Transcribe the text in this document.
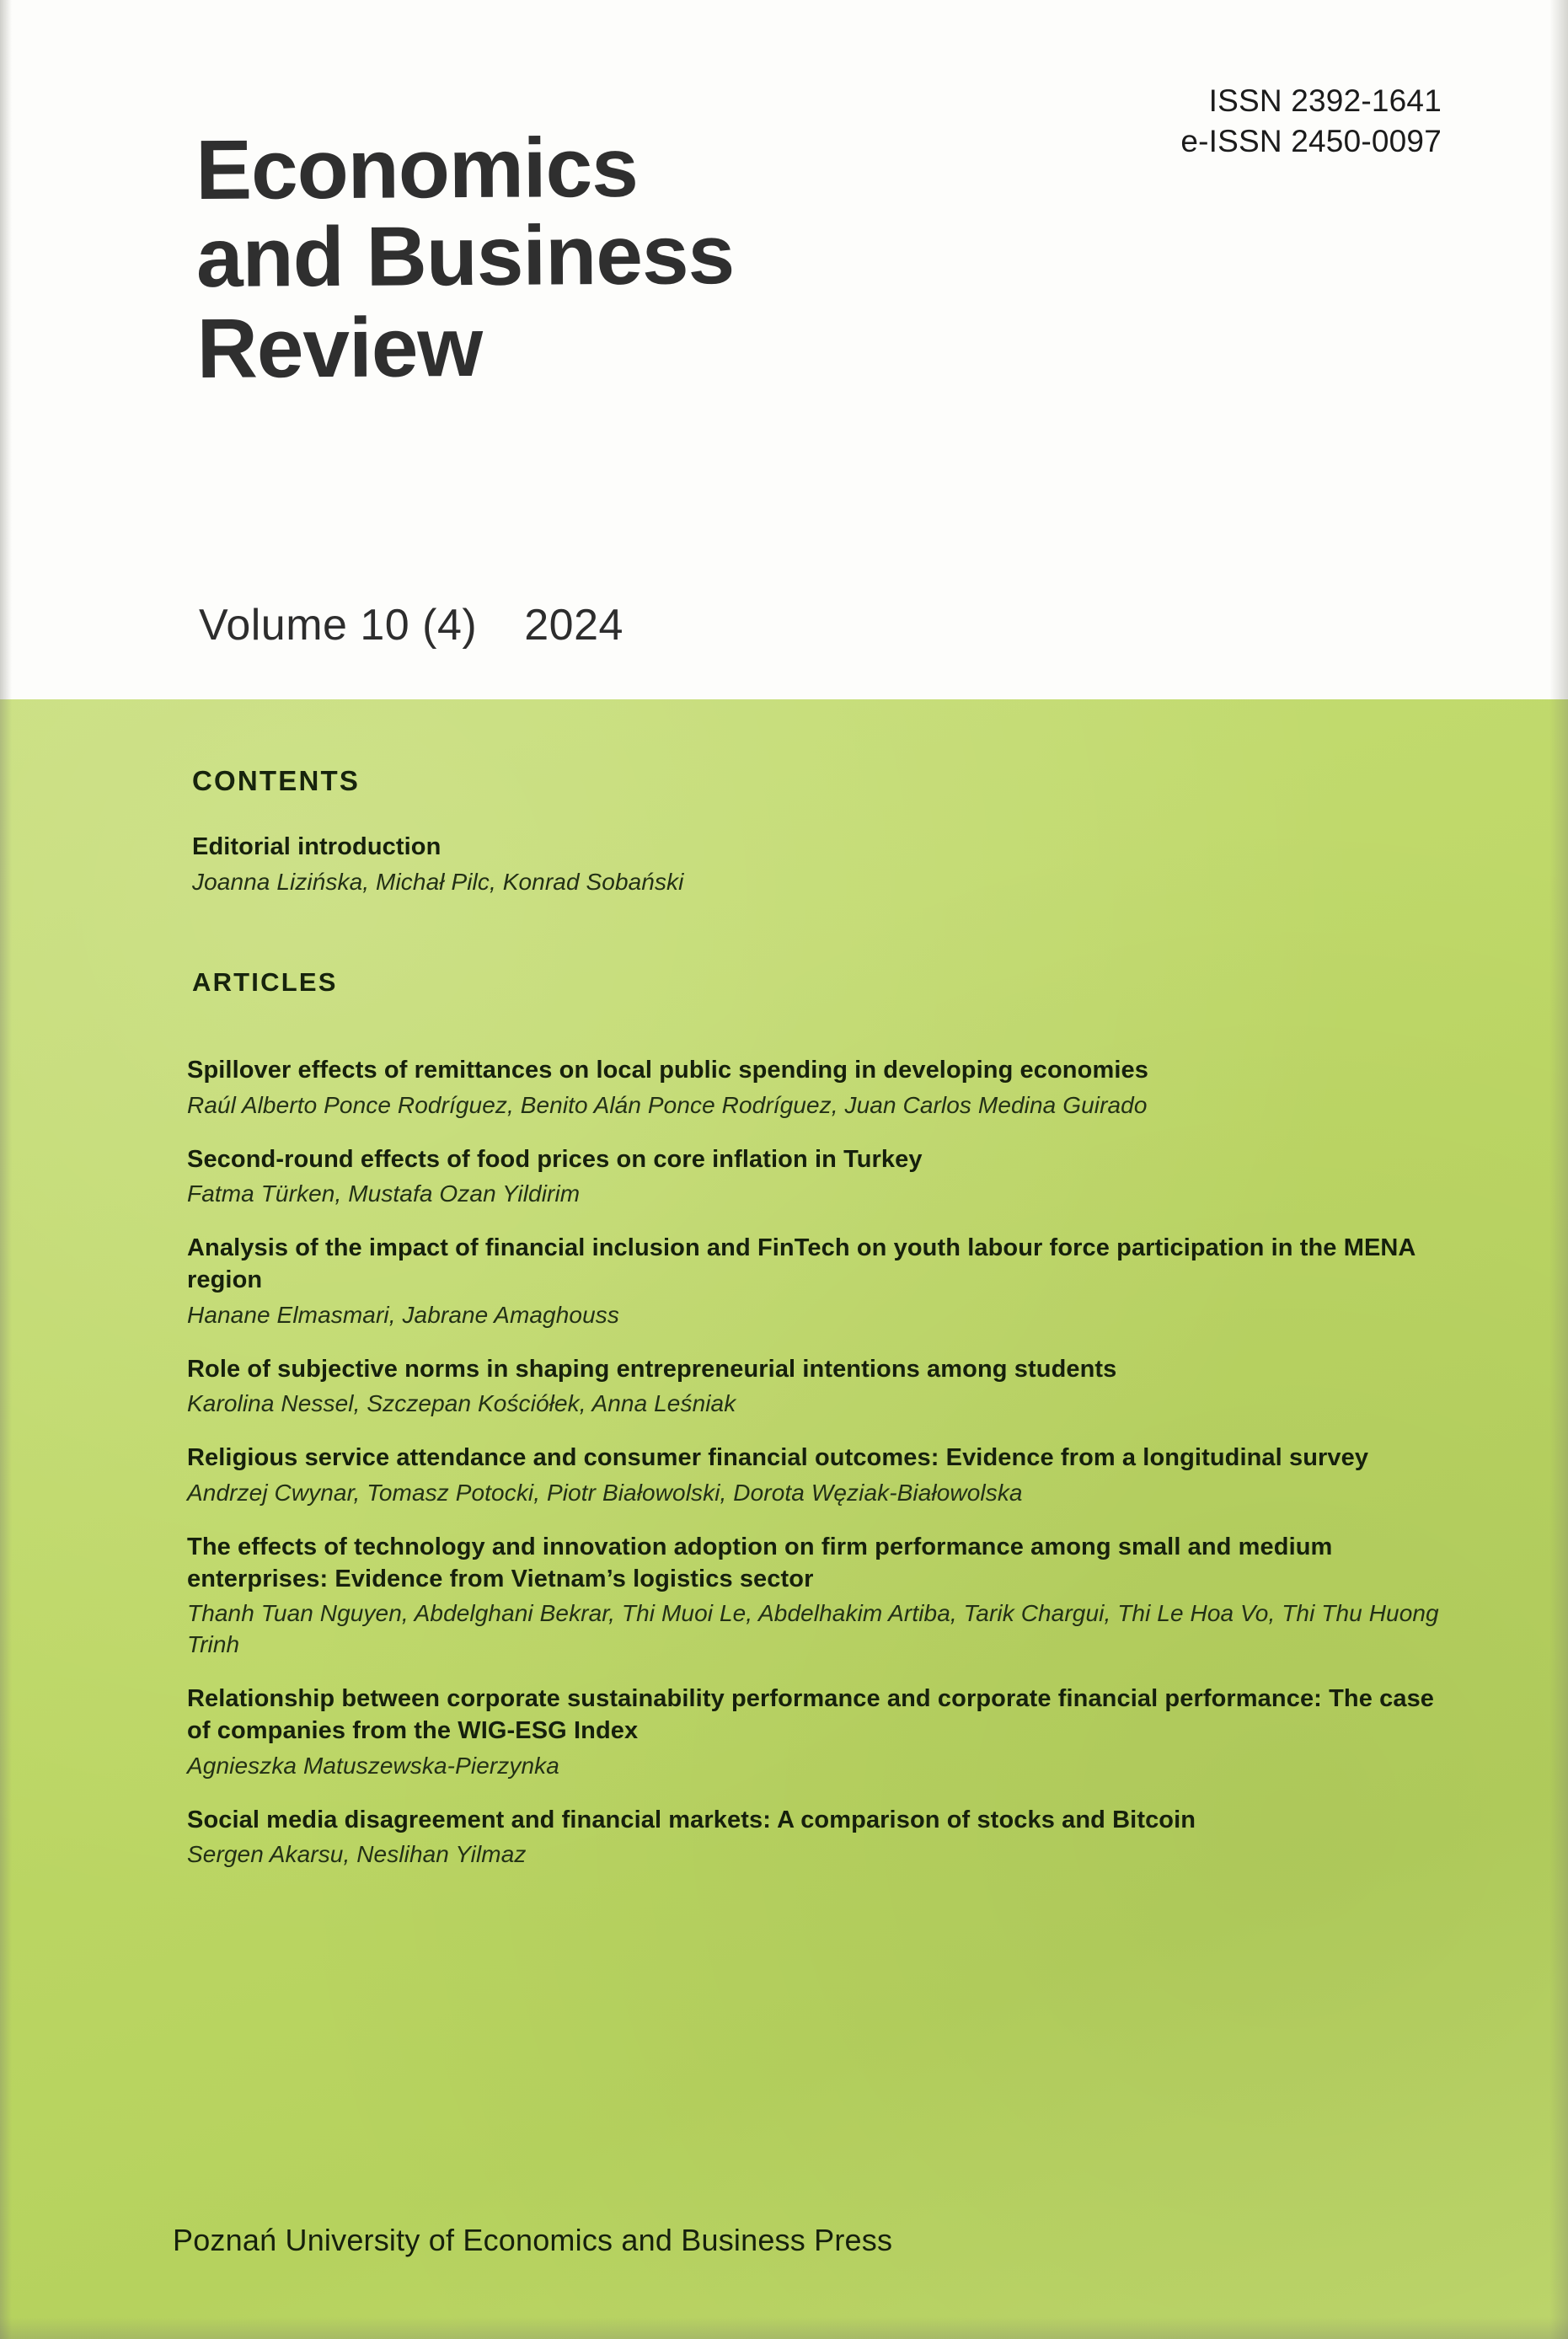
ISSN 2392-1641
e-ISSN 2450-0097
Economics
and Business
Review
Volume 10 (4) 2024
CONTENTS
Editorial introduction
Joanna Lizińska, Michał Pilc, Konrad Sobański
ARTICLES
Spillover effects of remittances on local public spending in developing economies
Raúl Alberto Ponce Rodríguez, Benito Alán Ponce Rodríguez, Juan Carlos Medina Guirado
Second-round effects of food prices on core inflation in Turkey
Fatma Türken, Mustafa Ozan Yildirim
Analysis of the impact of financial inclusion and FinTech on youth labour force participation in the MENA region
Hanane Elmasmari, Jabrane Amaghouss
Role of subjective norms in shaping entrepreneurial intentions among students
Karolina Nessel, Szczepan Kościółek, Anna Leśniak
Religious service attendance and consumer financial outcomes: Evidence from a longitudinal survey
Andrzej Cwynar, Tomasz Potocki, Piotr Białowolski, Dorota Węziak-Białowolska
The effects of technology and innovation adoption on firm performance among small and medium enterprises: Evidence from Vietnam’s logistics sector
Thanh Tuan Nguyen, Abdelghani Bekrar, Thi Muoi Le, Abdelhakim Artiba, Tarik Chargui, Thi Le Hoa Vo, Thi Thu Huong Trinh
Relationship between corporate sustainability performance and corporate financial performance: The case of companies from the WIG-ESG Index
Agnieszka Matuszewska-Pierzynka
Social media disagreement and financial markets: A comparison of stocks and Bitcoin
Sergen Akarsu, Neslihan Yilmaz
Poznań University of Economics and Business Press
